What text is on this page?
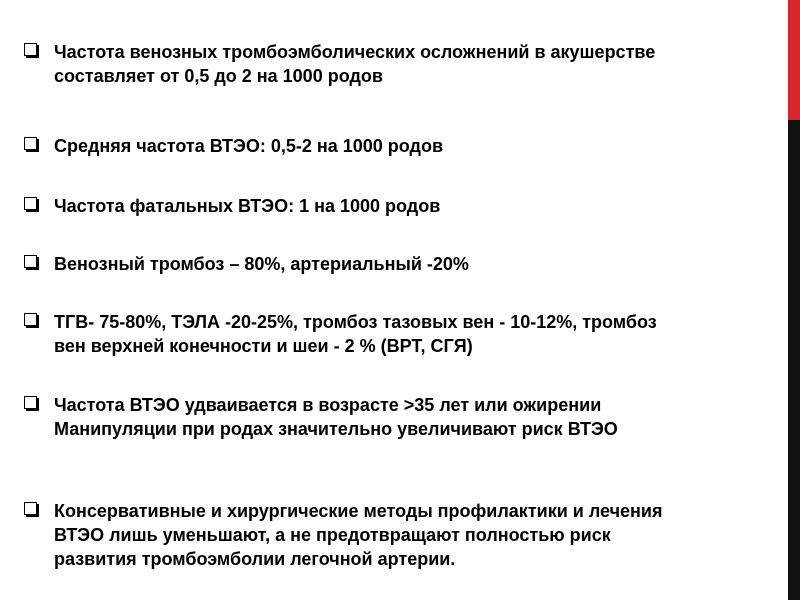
Частота венозных тромбоэмболических осложнений в акушерстве
составляет от 0,5 до 2 на 1000 родов
Средняя частота ВТЭО: 0,5-2 на 1000 родов
Частота фатальных ВТЭО: 1 на 1000 родов
Венозный тромбоз – 80%, артериальный -20%
ТГВ- 75-80%, ТЭЛА -20-25%, тромбоз тазовых вен - 10-12%, тромбоз
вен верхней конечности и шеи - 2 % (ВРТ, СГЯ)
Частота ВТЭО удваивается в возрасте >35 лет или ожирении
Манипуляции при родах значительно увеличивают риск ВТЭО
Консервативные и хирургические методы профилактики и лечения
ВТЭО лишь уменьшают, а не предотвращают полностью риск
развития тромбоэмболии легочной артерии.
